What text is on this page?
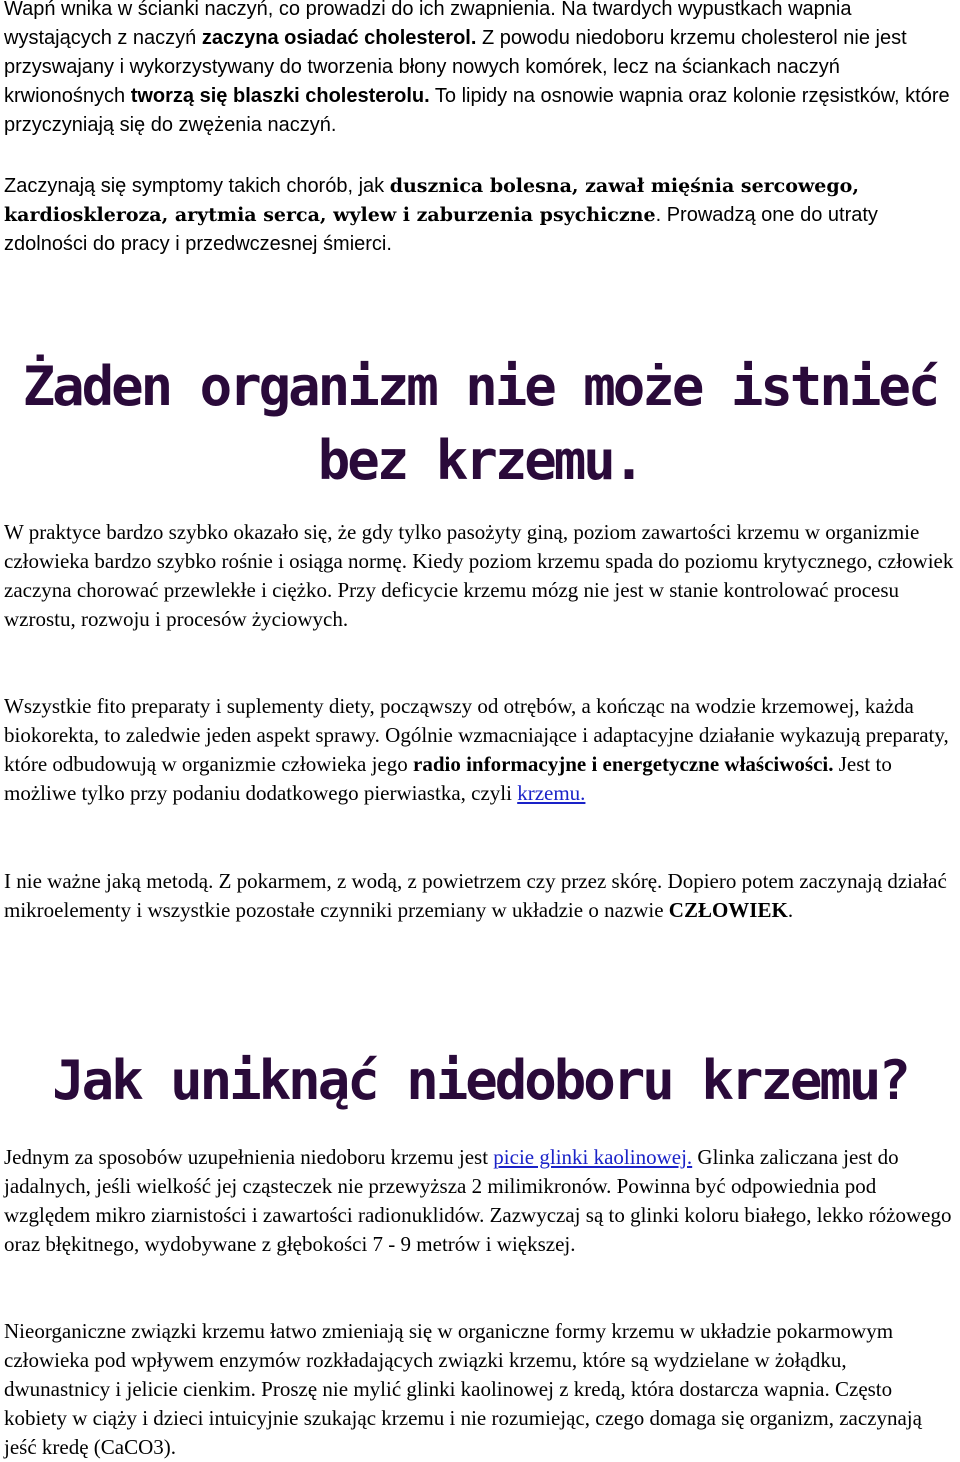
Wapń wnika w ścianki naczyń, co prowadzi do ich zwapnienia. Na twardych wypustkach wapnia wystających z naczyń zaczyna osiadać cholesterol. Z powodu niedoboru krzemu cholesterol nie jest przyswajany i wykorzystywany do tworzenia błony nowych komórek, lecz na ściankach naczyń krwionośnych tworzą się blaszki cholesterolu. To lipidy na osnowie wapnia oraz kolonie rzęsistków, które przyczyniają się do zwężenia naczyń.

Zaczynają się symptomy takich chorób, jak dusznica bolesna, zawał mięśnia sercowego, kardioskleroza, arytmia serca, wylew i zaburzenia psychiczne. Prowadzą one do utraty zdolności do pracy i przedwczesnej śmierci.

Żaden organizm nie może istnieć bez krzemu.

W praktyce bardzo szybko okazało się, że gdy tylko pasożyty giną, poziom zawartości krzemu w organizmie człowieka bardzo szybko rośnie i osiąga normę. Kiedy poziom krzemu spada do poziomu krytycznego, człowiek zaczyna chorować przewlekłe i ciężko. Przy deficycie krzemu mózg nie jest w stanie kontrolować procesu wzrostu, rozwoju i procesów życiowych.

Wszystkie fito preparaty i suplementy diety, począwszy od otrębów, a kończąc na wodzie krzemowej, każda biokorekta, to zaledwie jeden aspekt sprawy. Ogólnie wzmacniające i adaptacyjne działanie wykazują preparaty, które odbudowują w organizmie człowieka jego radio informacyjne i energetyczne właściwości. Jest to możliwe tylko przy podaniu dodatkowego pierwiastka, czyli krzemu.

I nie ważne jaką metodą. Z pokarmem, z wodą, z powietrzem czy przez skórę. Dopiero potem zaczynają działać mikroelementy i wszystkie pozostałe czynniki przemiany w układzie o nazwie CZŁOWIEK.

Jak uniknąć niedoboru krzemu?

Jednym za sposobów uzupełnienia niedoboru krzemu jest picie glinki kaolinowej. Glinka zaliczana jest do jadalnych, jeśli wielkość jej cząsteczek nie przewyższa 2 milimikronów. Powinna być odpowiednia pod względem mikro ziarnistości i zawartości radionuklidów. Zazwyczaj są to glinki koloru białego, lekko różowego oraz błękitnego, wydobywane z głębokości 7 - 9 metrów i większej.

Nieorganiczne związki krzemu łatwo zmieniają się w organiczne formy krzemu w układzie pokarmowym człowieka pod wpływem enzymów rozkładających związki krzemu, które są wydzielane w żołądku, dwunastnicy i jelicie cienkim. Proszę nie mylić glinki kaolinowej z kredą, która dostarcza wapnia. Często kobiety w ciąży i dzieci intuicyjnie szukając krzemu i nie rozumiejąc, czego domaga się organizm, zaczynają jeść kredę (CaCO3).
